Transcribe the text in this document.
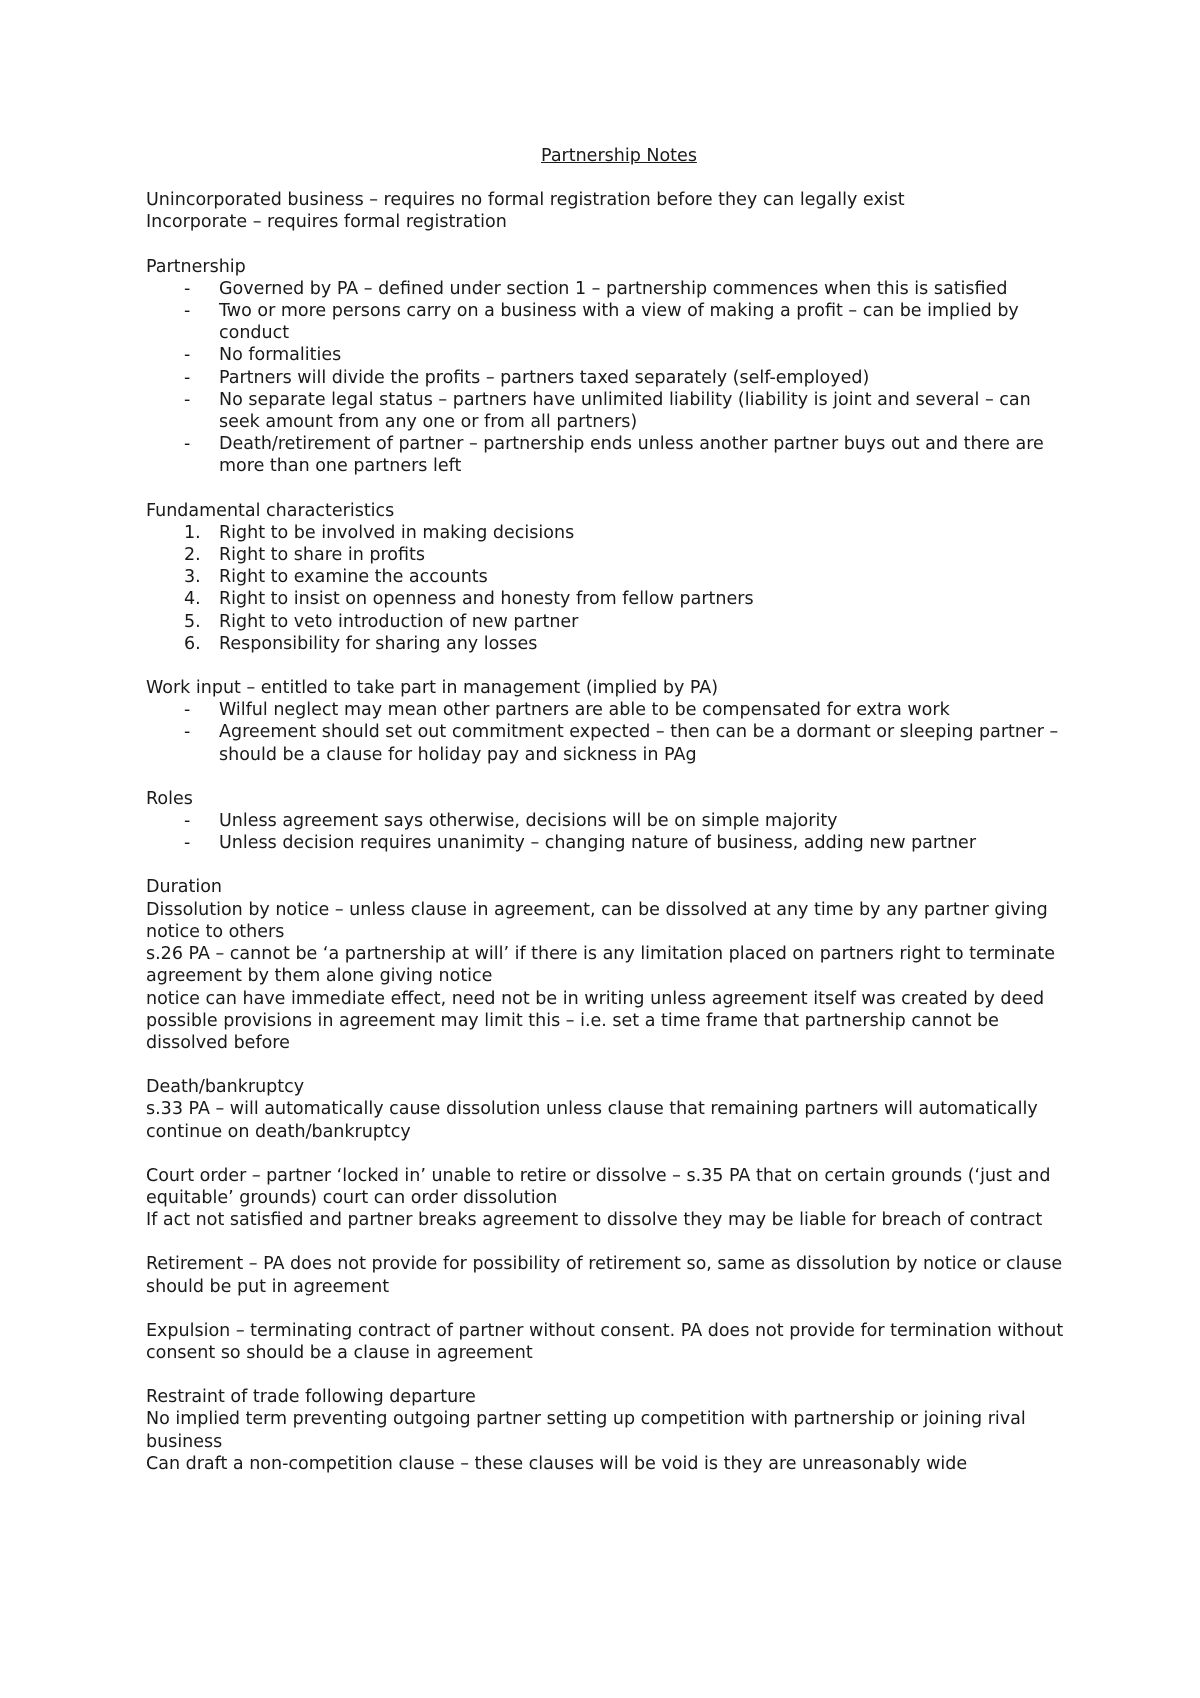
Partnership Notes

Unincorporated business – requires no formal registration before they can legally exist

Incorporate – requires formal registration

Partnership

- Governed by PA – defined under section 1 – partnership commences when this is satisfied
- Two or more persons carry on a business with a view of making a profit – can be implied by conduct
- No formalities
- Partners will divide the profits – partners taxed separately (self-employed)
- No separate legal status – partners have unlimited liability (liability is joint and several – can seek amount from any one or from all partners)
- Death/retirement of partner – partnership ends unless another partner buys out and there are more than one partners left

Fundamental characteristics

1. Right to be involved in making decisions
2. Right to share in profits
3. Right to examine the accounts
4. Right to insist on openness and honesty from fellow partners
5. Right to veto introduction of new partner
6. Responsibility for sharing any losses

Work input – entitled to take part in management (implied by PA)

- Wilful neglect may mean other partners are able to be compensated for extra work
- Agreement should set out commitment expected – then can be a dormant or sleeping partner – should be a clause for holiday pay and sickness in PAg

Roles

- Unless agreement says otherwise, decisions will be on simple majority
- Unless decision requires unanimity – changing nature of business, adding new partner

Duration

Dissolution by notice – unless clause in agreement, can be dissolved at any time by any partner giving notice to others

s.26 PA – cannot be ‘a partnership at will’ if there is any limitation placed on partners right to terminate agreement by them alone giving notice

notice can have immediate effect, need not be in writing unless agreement itself was created by deed

possible provisions in agreement may limit this – i.e. set a time frame that partnership cannot be dissolved before

Death/bankruptcy

s.33 PA – will automatically cause dissolution unless clause that remaining partners will automatically continue on death/bankruptcy

Court order – partner ‘locked in’ unable to retire or dissolve – s.35 PA that on certain grounds (‘just and equitable’ grounds) court can order dissolution

If act not satisfied and partner breaks agreement to dissolve they may be liable for breach of contract

Retirement – PA does not provide for possibility of retirement so, same as dissolution by notice or clause should be put in agreement

Expulsion – terminating contract of partner without consent. PA does not provide for termination without consent so should be a clause in agreement

Restraint of trade following departure

No implied term preventing outgoing partner setting up competition with partnership or joining rival business

Can draft a non-competition clause – these clauses will be void is they are unreasonably wide
